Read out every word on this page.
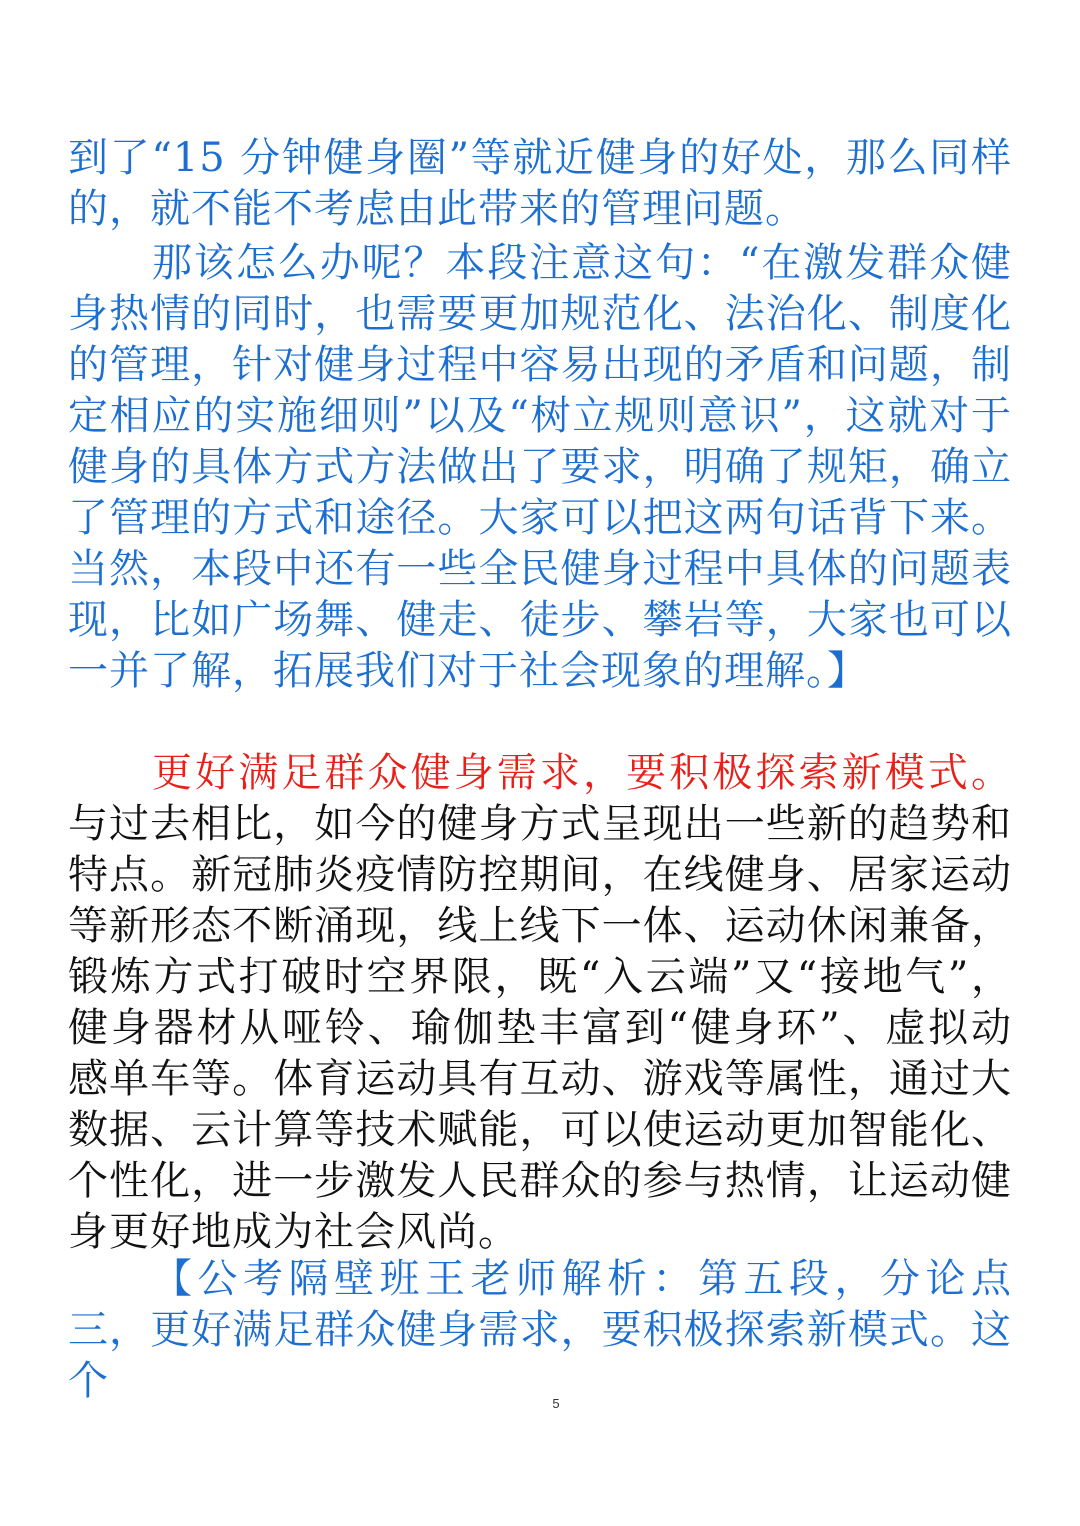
到了“15 分钟健身圈”等就近健身的好处，那么同样的，就不能不考虑由此带来的管理问题。
那该怎么办呢？本段注意这句：“在激发群众健身热情的同时，也需要更加规范化、法治化、制度化的管理，针对健身过程中容易出现的矛盾和问题，制定相应的实施细则”以及“树立规则意识”，这就对于健身的具体方式方法做出了要求，明确了规矩，确立了管理的方式和途径。大家可以把这两句话背下来。当然，本段中还有一些全民健身过程中具体的问题表现，比如广场舞、健走、徒步、攀岩等，大家也可以一并了解，拓展我们对于社会现象的理解。】
更好满足群众健身需求，要积极探索新模式。与过去相比，如今的健身方式呈现出一些新的趋势和特点。新冠肺炎疫情防控期间，在线健身、居家运动等新形态不断涌现，线上线下一体、运动休闲兼备，锻炼方式打破时空界限，既“入云端”又“接地气”，健身器材从哑铃、瑜伽垫丰富到“健身环”、虚拟动感单车等。体育运动具有互动、游戏等属性，通过大数据、云计算等技术赋能，可以使运动更加智能化、个性化，进一步激发人民群众的参与热情，让运动健身更好地成为社会风尚。
【公考隔壁班王老师解析：第五段，分论点三，更好满足群众健身需求，要积极探索新模式。这个	5
